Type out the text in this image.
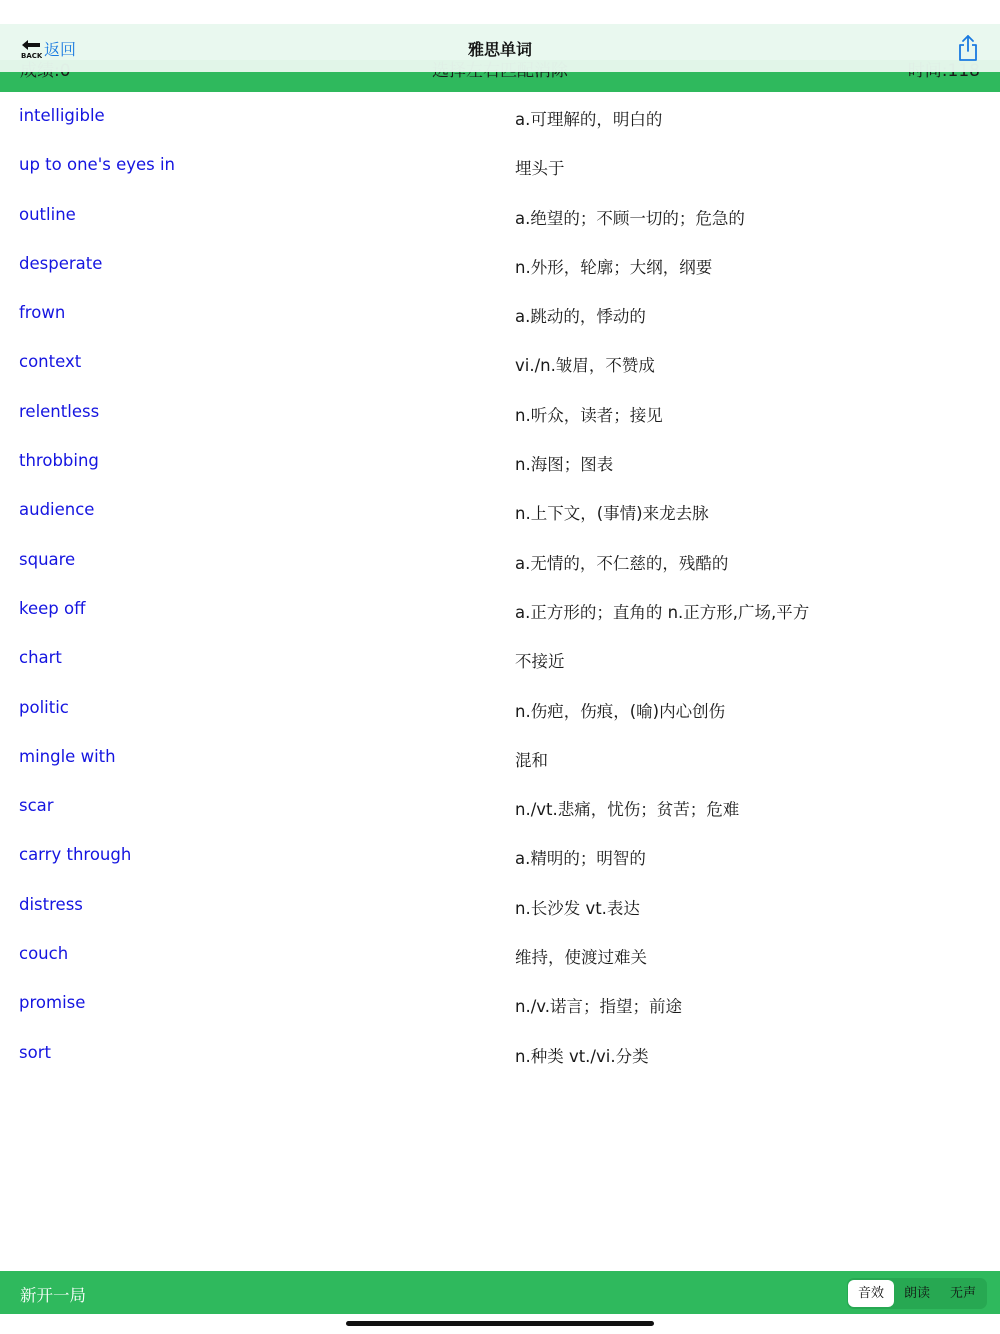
BACK 返回	雅思单词
intelligible	a.可理解的，明白的
up to one's eyes in	埋头于
outline	a.绝望的；不顾一切的；危急的
desperate	n.外形，轮廓；大纲，纲要
frown	a.跳动的，悸动的
context	vi./n.皱眉，不赞成
relentless	n.听众，读者；接见
throbbing	n.海图；图表
audience	n.上下文，(事情)来龙去脉
square	a.无情的，不仁慈的，残酷的
keep off	a.正方形的；直角的 n.正方形,广场,平方
chart	不接近
politic	n.伤疤，伤痕，(喻)内心创伤
mingle with	混和
scar	n./vt.悲痛，忧伤；贫苦；危难
carry through	a.精明的；明智的
distress	n.长沙发 vt.表达
couch	维持，使渡过难关
promise	n./v.诺言；指望；前途
sort	n.种类 vt./vi.分类
新开一局	音效	朗读	无声
